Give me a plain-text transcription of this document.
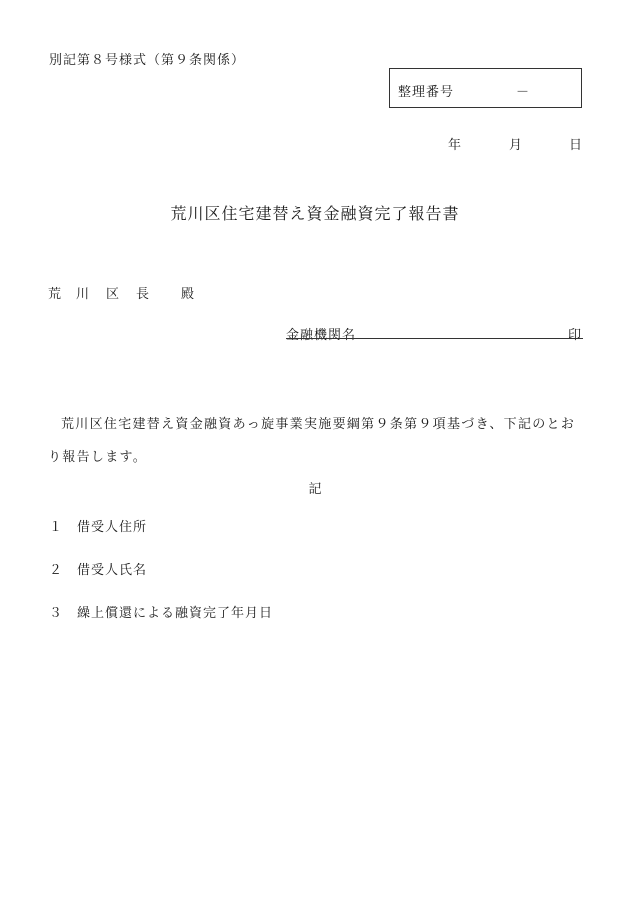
別記第８号様式（第９条関係）
整理番号	－
年	月	日
荒川区住宅建替え資金融資完了報告書
荒 川 区 長 殿
金融機関名	印
荒川区住宅建替え資金融資あっ旋事業実施要綱第９条第９項基づき、下記のとおり報告します。
記
１ 借受人住所
２ 借受人氏名
３ 繰上償還による融資完了年月日
